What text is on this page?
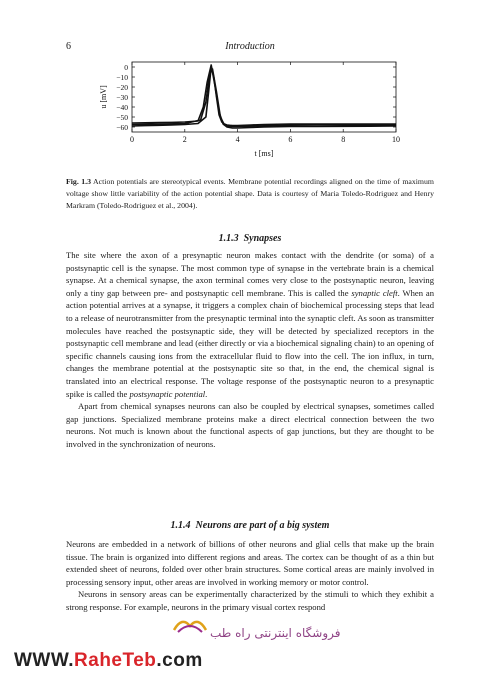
6	Introduction
0	2	4	6	8	10
0
−10
−20
−30
−40
−50
−60
t [ms]
u [mV]
Fig. 1.3 Action potentials are stereotypical events. Membrane potential recordings aligned on the time of maximum voltage show little variability of the action potential shape. Data is courtesy of Maria Toledo-Rodriguez and Henry Markram (Toledo-Rodriguez et al., 2004).
1.1.3 Synapses

The site where the axon of a presynaptic neuron makes contact with the dendrite (or soma) of a postsynaptic cell is the synapse. The most common type of synapse in the vertebrate brain is a chemical synapse. At a chemical synapse, the axon terminal comes very close to the postsynaptic neuron, leaving only a tiny gap between pre- and postsynaptic cell membrane. This is called the synaptic cleft. When an action potential arrives at a synapse, it triggers a complex chain of biochemical processing steps that lead to a release of neurotransmitter from the presynaptic terminal into the synaptic cleft. As soon as transmitter molecules have reached the postsynaptic side, they will be detected by specialized receptors in the postsynaptic cell membrane and lead (either directly or via a biochemical signaling chain) to an opening of specific channels causing ions from the extracellular fluid to flow into the cell. The ion influx, in turn, changes the membrane potential at the postsynaptic site so that, in the end, the chemical signal is translated into an electrical response. The voltage response of the postsynaptic neuron to a presynaptic spike is called the postsynaptic potential.

Apart from chemical synapses neurons can also be coupled by electrical synapses, sometimes called gap junctions. Specialized membrane proteins make a direct electrical connection between the two neurons. Not much is known about the functional aspects of gap junctions, but they are thought to be involved in the synchronization of neurons.

1.1.4 Neurons are part of a big system

Neurons are embedded in a network of billions of other neurons and glial cells that make up the brain tissue. The brain is organized into different regions and areas. The cortex can be thought of as a thin but extended sheet of neurons, folded over other brain structures. Some cortical areas are mainly involved in processing sensory input, other areas are involved in working memory or motor control.

Neurons in sensory areas can be experimentally characterized by the stimuli to which they exhibit a strong response. For example, neurons in the primary visual cortex respond

فروشگاه اینترنتی راه طب
WWW.RaheTeb.com
